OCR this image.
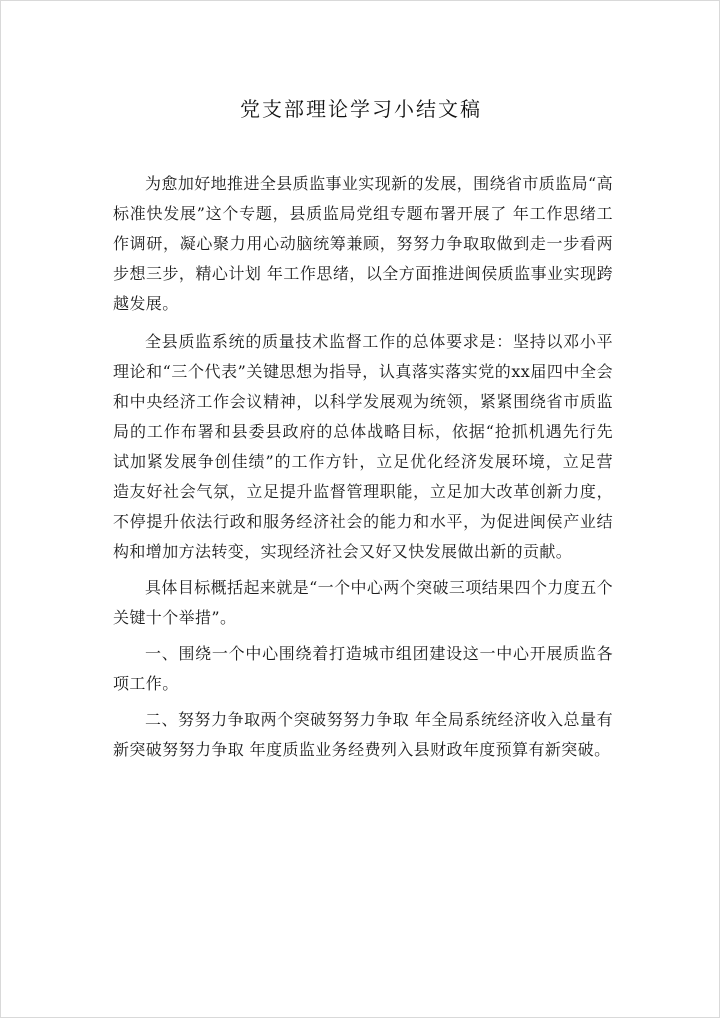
党支部理论学习小结文稿

为愈加好地推进全县质监事业实现新的发展，围绕省市质监局“高标准快发展”这个专题，县质监局党组专题布署开展了 年工作思绪工作调研，凝心聚力用心动脑统筹兼顾，努努力争取取做到走一步看两步想三步，精心计划 年工作思绪，以全方面推进闽侯质监事业实现跨越发展。

全县质监系统的质量技术监督工作的总体要求是：坚持以邓小平理论和“三个代表”关键思想为指导，认真落实落实党的xx届四中全会和中央经济工作会议精神，以科学发展观为统领，紧紧围绕省市质监局的工作布署和县委县政府的总体战略目标，依据“抢抓机遇先行先试加紧发展争创佳绩”的工作方针，立足优化经济发展环境，立足营造友好社会气氛，立足提升监督管理职能，立足加大改革创新力度，不停提升依法行政和服务经济社会的能力和水平，为促进闽侯产业结构和增加方法转变，实现经济社会又好又快发展做出新的贡献。

具体目标概括起来就是“一个中心两个突破三项结果四个力度五个关键十个举措”。

一、围绕一个中心围绕着打造城市组团建设这一中心开展质监各项工作。

二、努努力争取两个突破努努力争取 年全局系统经济收入总量有新突破努努力争取 年度质监业务经费列入县财政年度预算有新突破。
